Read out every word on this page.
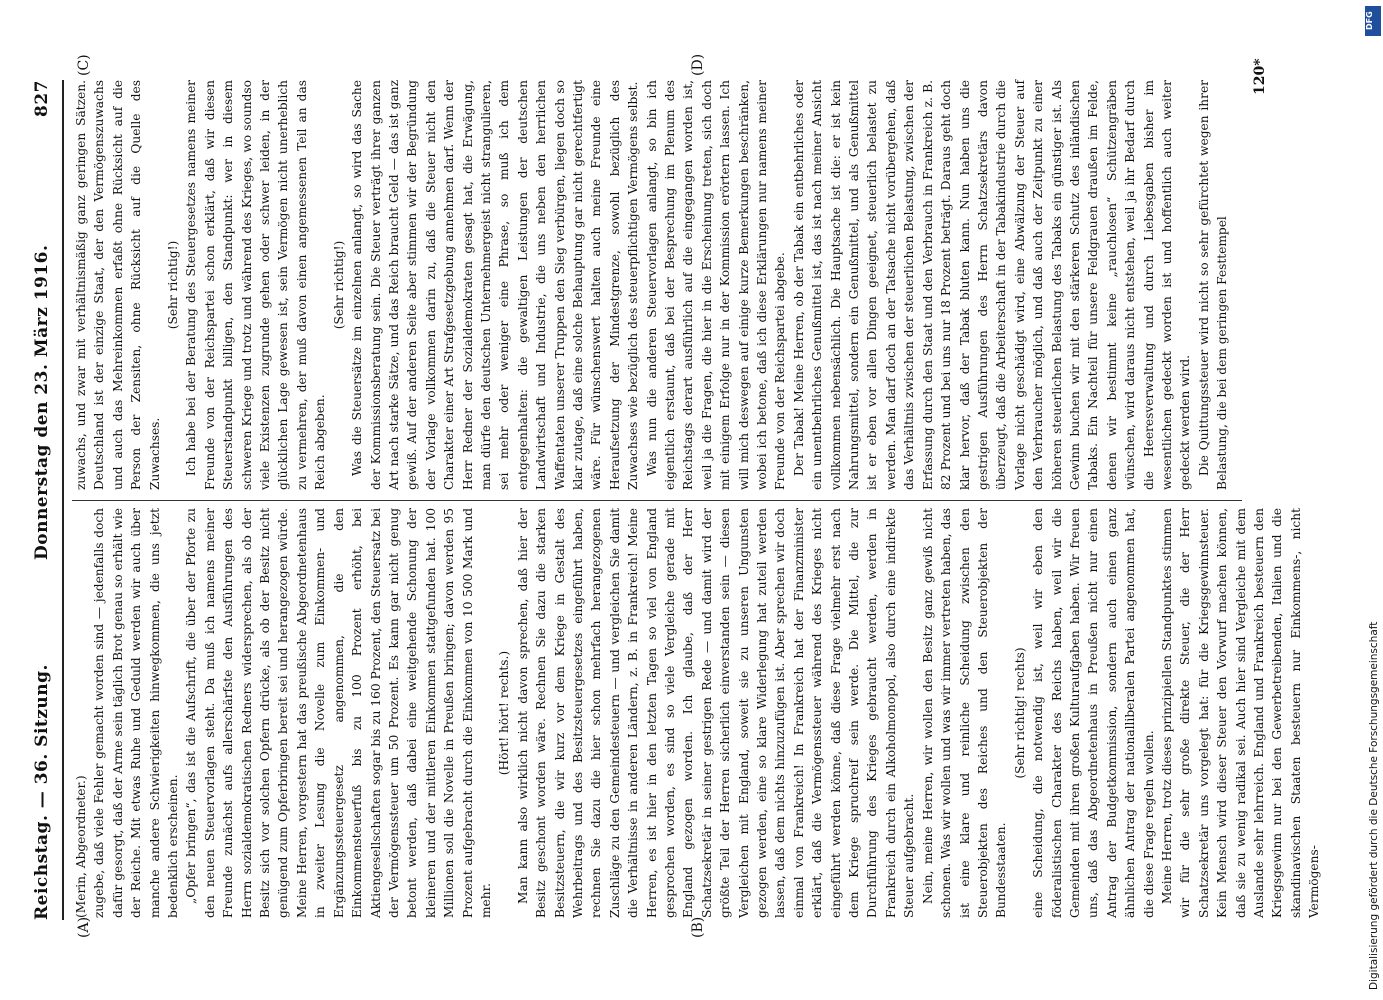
Reichstag. — 36. Sitzung.
Donnerstag den 23. März 1916.
827
(A)	(B)
(C)	(D)

(Merin, Abgeordneter.) zugebe, daß viele Fehler gemacht worden sind — jedenfalls doch dafür gesorgt, daß der Arme sein täglich Brot genau so erhält wie der Reiche. Mit etwas Ruhe und Geduld werden wir auch über manche andere Schwierigkeiten hinwegkommen, die uns jetzt bedenklich erscheinen. „Opfer bringen“, das ist die Aufschrift, die über der Pforte zu den neuen Steuervorlagen steht. Da muß ich namens meiner Freunde zunächst aufs allerschärfste den Ausführungen des Herrn sozialdemokratischen Redners widersprechen, als ob der Besitz sich vor solchen Opfern drücke, als ob der Besitz nicht genügend zum Opferbringen bereit sei und herangezogen würde. Meine Herren, vorgestern hat das preußische Abgeordnetenhaus in zweiter Lesung die Novelle zum Einkommen- und Ergänzungssteuergesetz angenommen, die den Einkommensteuerfuß bis zu 100 Prozent erhöht, bei Aktiengesellschaften sogar bis zu 160 Prozent, den Steuersatz bei der Vermögenssteuer um 50 Prozent. Es kann gar nicht genug betont werden, daß dabei eine weitgehende Schonung der kleineren und der mittleren Einkommen stattgefunden hat. 100 Millionen soll die Novelle in Preußen bringen; davon werden 95 Prozent aufgebracht durch die Einkommen von 10 500 Mark und mehr.

(Hört! hört! rechts.) Man kann also wirklich nicht davon sprechen, daß hier der Besitz geschont worden wäre. Rechnen Sie dazu die starken Besitzsteuern, die wir kurz vor dem Kriege in Gestalt des Wehrbeitrags und des Besitzsteuergesetzes eingeführt haben, rechnen Sie dazu die hier schon mehrfach herangezogenen Zuschläge zu den Gemeindesteuern — und vergleichen Sie damit die Verhältnisse in anderen Ländern, z. B. in Frankreich! Meine Herren, es ist hier in den letzten Tagen so viel von England gesprochen worden, es sind so viele Vergleiche gerade mit England gezogen worden. Ich glaube, daß der Herr Schatzsekretär in seiner gestrigen Rede — und damit wird der größte Teil der Herren sicherlich einverstanden sein — diesen Vergleichen mit England, soweit sie zu unseren Ungunsten gezogen werden, eine so klare Widerlegung hat zuteil werden lassen, daß dem nichts hinzuzufügen ist. Aber sprechen wir doch einmal von Frankreich! In Frankreich hat der Finanzminister erklärt, daß die Vermögenssteuer während des Krieges nicht eingeführt werden könne, daß diese Frage vielmehr erst nach dem Kriege spruchreif sein werde. Die Mittel, die zur Durchführung des Krieges gebraucht werden, werden in Frankreich durch ein Alkoholmonopol, also durch eine indirekte Steuer aufgebracht. Nein, meine Herren, wir wollen den Besitz ganz gewiß nicht schonen. Was wir wollen und was wir immer vertreten haben, das ist eine klare und reinliche Scheidung zwischen den Steuerobjekten des Reiches und den Steuerobjekten der Bundesstaaten.

(Sehr richtig! rechts) eine Scheidung, die notwendig ist, weil wir eben den föderalistischen Charakter des Reichs haben, weil wir die Gemeinden mit ihren großen Kulturaufgaben haben. Wir freuen uns, daß das Abgeordnetenhaus in Preußen nicht nur einen Antrag der Budgetkommission, sondern auch einen ganz ähnlichen Antrag der nationalliberalen Partei angenommen hat, die diese Frage regeln wollen. Meine Herren, trotz dieses prinzipiellen Standpunktes stimmen wir für die sehr große direkte Steuer, die der Herr Schatzsekretär uns vorgelegt hat: für die Kriegsgewinnsteuer. Kein Mensch wird dieser Steuer den Vorwurf machen können, daß sie zu wenig radikal sei. Auch hier sind Vergleiche mit dem Auslande sehr lehrreich. England und Frankreich besteuern den Kriegsgewinn nur bei den Gewerbetreibenden, Italien und die skandinavischen Staaten besteuern nur Einkommens-, nicht Vermögens-

zuwachs, und zwar mit verhältnismäßig ganz geringen Sätzen. Deutschland ist der einzige Staat, der den Vermögenszuwachs und auch das Mehreinkommen erfaßt ohne Rücksicht auf die Person der Zensiten, ohne Rücksicht auf die Quelle des Zuwachses.

(Sehr richtig!) Ich habe bei der Beratung des Steuergesetzes namens meiner Freunde von der Reichspartei schon erklärt, daß wir diesen Steuerstandpunkt billigen, den Standpunkt: wer in diesem schweren Kriege und trotz und während des Krieges, wo soundso viele Existenzen zugrunde gehen oder schwer leiden, in der glücklichen Lage gewesen ist, sein Vermögen nicht unerheblich zu vermehren, der muß davon einen angemessenen Teil an das Reich abgeben.

(Sehr richtig!) Was die Steuersätze im einzelnen anlangt, so wird das Sache der Kommissionsberatung sein. Die Steuer verträgt ihrer ganzen Art nach starke Sätze, und das Reich braucht Geld — das ist ganz gewiß. Auf der anderen Seite aber stimmen wir der Begründung der Vorlage vollkommen darin zu, daß die Steuer nicht den Charakter einer Art Strafgesetzgebung annehmen darf. Wenn der Herr Redner der Sozialdemokraten gesagt hat, die Erwägung, man dürfe den deutschen Unternehmergeist nicht strangulieren, sei mehr oder weniger eine Phrase, so muß ich dem entgegenhalten: die gewaltigen Leistungen der deutschen Landwirtschaft und Industrie, die uns neben den herrlichen Waffentaten unserer Truppen den Sieg verbürgen, liegen doch so klar zutage, daß eine solche Behauptung gar nicht gerechtfertigt wäre. Für wünschenswert halten auch meine Freunde eine Heraufsetzung der Mindestgrenze, sowohl bezüglich des Zuwachses wie bezüglich des steuerpflichtigen Vermögens selbst. Was nun die anderen Steuervorlagen anlangt, so bin ich eigentlich erstaunt, daß bei der Besprechung im Plenum des Reichstags derart ausführlich auf die eingegangen worden ist, weil ja die Fragen, die hier in die Erscheinung treten, sich doch mit einigem Erfolge nur in der Kommission erörtern lassen. Ich will mich deswegen auf einige kurze Bemerkungen beschränken, wobei ich betone, daß ich diese Erklärungen nur namens meiner Freunde von der Reichspartei abgebe. Der Tabak! Meine Herren, ob der Tabak ein entbehrliches oder ein unentbehrliches Genußmittel ist, das ist nach meiner Ansicht vollkommen nebensächlich. Die Hauptsache ist die: er ist kein Nahrungsmittel, sondern ein Genußmittel, und als Genußmittel ist er eben vor allen Dingen geeignet, steuerlich belastet zu werden. Man darf doch an der Tatsache nicht vorübergehen, daß das Verhältnis zwischen der steuerlichen Belastung, zwischen der Erfassung durch den Staat und den Verbrauch in Frankreich z. B. 82 Prozent und bei uns nur 18 Prozent beträgt. Daraus geht doch klar hervor, daß der Tabak bluten kann. Nun haben uns die gestrigen Ausführungen des Herrn Schatzsekretärs davon überzeugt, daß die Arbeiterschaft in der Tabakindustrie durch die Vorlage nicht geschädigt wird, eine Abwälzung der Steuer auf den Verbraucher möglich, und daß auch der Zeitpunkt zu einer höheren steuerlichen Belastung des Tabaks ein günstiger ist. Als Gewinn buchen wir mit den stärkeren Schutz des inländischen Tabaks. Ein Nachteil für unsere Feldgrauen draußen im Felde, denen wir bestimmt keine „rauchlosen“ Schützengräben wünschen, wird daraus nicht entstehen, weil ja ihr Bedarf durch die Heeresverwaltung und durch Liebesgaben bisher im wesentlichen gedeckt worden ist und hoffentlich auch weiter gedeckt werden wird. Die Quittungssteuer wird nicht so sehr gefürchtet wegen ihrer Belastung, die bei dem geringen Festtempel

120*
DFG
Digitalisierung gefördert durch die Deutsche Forschungsgemeinschaft
